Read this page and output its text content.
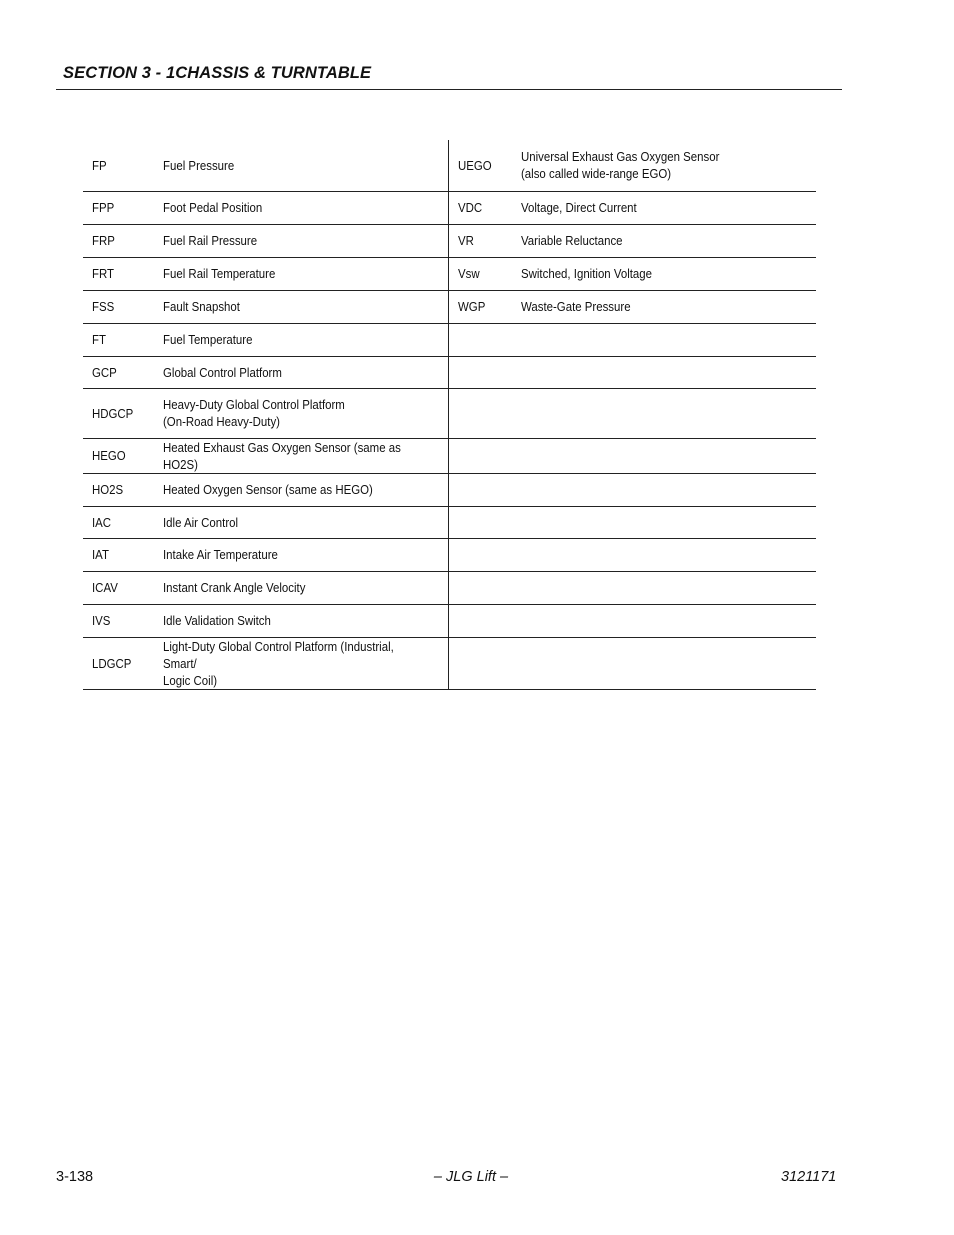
SECTION 3 - 1CHASSIS & TURNTABLE
FP	Fuel Pressure	UEGO	Universal Exhaust Gas Oxygen Sensor
(also called wide-range EGO)
FPP	Foot Pedal Position	VDC	Voltage, Direct Current
FRP	Fuel Rail Pressure	VR	Variable Reluctance
FRT	Fuel Rail Temperature	Vsw	Switched, Ignition Voltage
FSS	Fault Snapshot	WGP	Waste-Gate Pressure
FT	Fuel Temperature		
GCP	Global Control Platform		
HDGCP	Heavy-Duty Global Control Platform
(On-Road Heavy-Duty)		
HEGO	Heated Exhaust Gas Oxygen Sensor (same as HO2S)		
HO2S	Heated Oxygen Sensor (same as HEGO)		
IAC	Idle Air Control		
IAT	Intake Air Temperature		
ICAV	Instant Crank Angle Velocity		
IVS	Idle Validation Switch		
LDGCP	Light-Duty Global Control Platform (Industrial, Smart/
Logic Coil)		
3-138	– JLG Lift –	3121171
